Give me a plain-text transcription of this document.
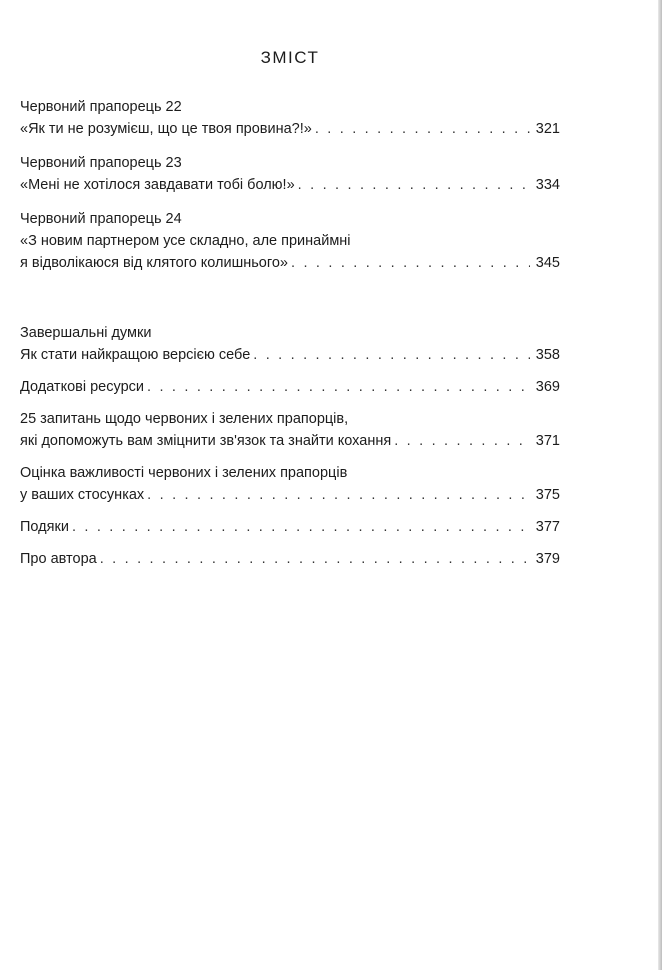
ЗМІСТ
Червоний прапорець 22
«Як ти не розумієш, що це твоя провина?!» . . .	321
Червоний прапорець 23
«Мені не хотілося завдавати тобі болю!» . . .	334
Червоний прапорець 24
«З новим партнером усе складно, але принаймні
я відволікаюся від клятого колишнього» . . .	345
Завершальні думки
Як стати найкращою версією себе . . .	358
Додаткові ресурси . . .	369
25 запитань щодо червоних і зелених прапорців,
які допоможуть вам зміцнити зв'язок та знайти кохання . . .	371
Оцінка важливості червоних і зелених прапорців
у ваших стосунках . . .	375
Подяки . . .	377
Про автора . . .	379
